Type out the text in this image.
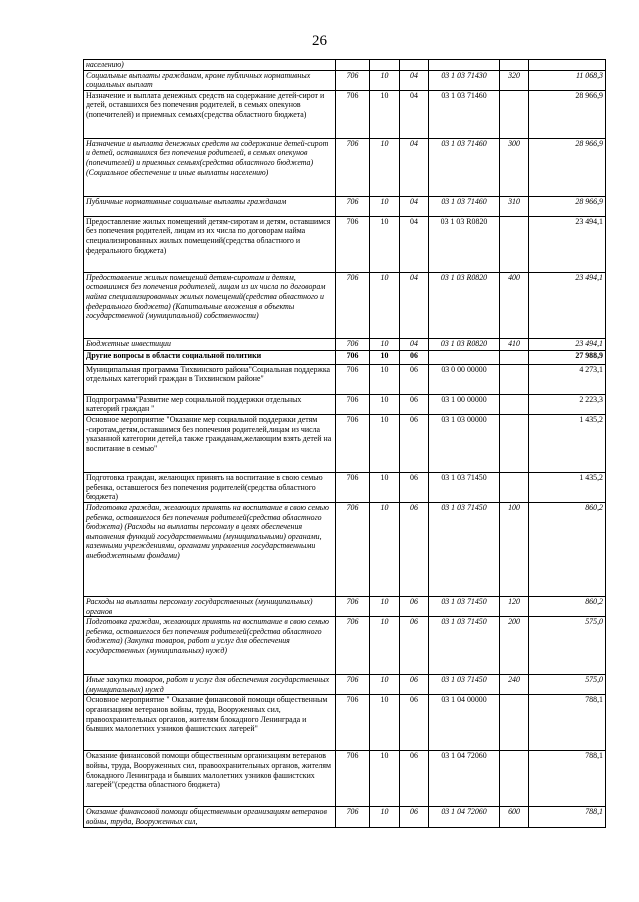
26
населению)						
Социальные выплаты гражданам, кроме публичных нормативных социальных выплат	706	10	04	03 1 03 71430	320	11 068,3
Назначение и выплата денежных средств на содержание детей-сирот и детей, оставшихся без попечения родителей, в семьях опекунов (попечителей) и приемных семьях(средства областного бюджета)	706	10	04	03 1 03 71460		28 966,9
Назначение и выплата денежных средств на содержание детей-сирот и детей, оставшихся без попечения родителей, в семьях опекунов (попечителей) и приемных семьях(средства областного бюджета) (Социальное обеспечение и иные выплаты населению)	706	10	04	03 1 03 71460	300	28 966,9
Публичные нормативные социальные выплаты гражданам	706	10	04	03 1 03 71460	310	28 966,9
Предоставление жилых помещений детям-сиротам и детям, оставшимся без попечения родителей, лицам из их числа по договорам найма специализированных жилых помещений(средства областного и федерального бюджета)	706	10	04	03 1 03 R0820		23 494,1
Предоставление жилых помещений детям-сиротам и детям, оставшимся без попечения родителей, лицам из их числа по договорам найма специализированных жилых помещений(средства областного и федерального бюджета) (Капитальные вложения в объекты государственной (муниципальной) собственности)	706	10	04	03 1 03 R0820	400	23 494,1
Бюджетные инвестиции	706	10	04	03 1 03 R0820	410	23 494,1
Другие вопросы в области социальной политики	706	10	06			27 988,9
Муниципальная программа Тихвинского района"Социальная поддержка отдельных категорий граждан в Тихвинском районе"	706	10	06	03 0 00 00000		4 273,1
Подпрограмма"Развитие мер социальной поддержки отдельных категорий граждан "	706	10	06	03 1 00 00000		2 223,3
Основное мероприятие "Оказание мер социальной поддержки детям -сиротам,детям,оставшимся без попечения родителей,лицам из числа указанной категории детей,а также гражданам,желающим взять детей на воспитание в семью"	706	10	06	03 1 03 00000		1 435,2
Подготовка граждан, желающих принять на воспитание в свою семью ребенка, оставшегося без попечения родителей(средства областного бюджета)	706	10	06	03 1 03 71450		1 435,2
Подготовка граждан, желающих принять на воспитание в свою семью ребенка, оставшегося без попечения родителей(средства областного бюджета) (Расходы на выплаты персоналу в целях обеспечения выполнения функций государственными (муниципальными) органами, казенными учреждениями, органами управления государственными внебюджетными фондами)	706	10	06	03 1 03 71450	100	860,2
Расходы на выплаты персоналу государственных (муниципальных) органов	706	10	06	03 1 03 71450	120	860,2
Подготовка граждан, желающих принять на воспитание в свою семью ребенка, оставшегося без попечения родителей(средства областного бюджета) (Закупка товаров, работ и услуг для обеспечения государственных (муниципальных) нужд)	706	10	06	03 1 03 71450	200	575,0
Иные закупки товаров, работ и услуг для обеспечения государственных (муниципальных) нужд	706	10	06	03 1 03 71450	240	575,0
Основное мероприятие " Оказание финансовой помощи общественным организациям ветеранов войны, труда, Вооруженных сил, правоохранительных органов, жителям блокадного Ленинграда и бывших малолетних узников фашистских лагерей"	706	10	06	03 1 04 00000		788,1
Оказание финансовой помощи общественным организациям ветеранов войны, труда, Вооруженных сил, правоохранительных органов, жителям блокадного Ленинграда и бывших малолетних узников фашистских лагерей"(средства областного бюджета)	706	10	06	03 1 04 72060		788,1
Оказание финансовой помощи общественным организациям ветеранов войны, труда, Вооруженных сил,	706	10	06	03 1 04 72060	600	788,1
